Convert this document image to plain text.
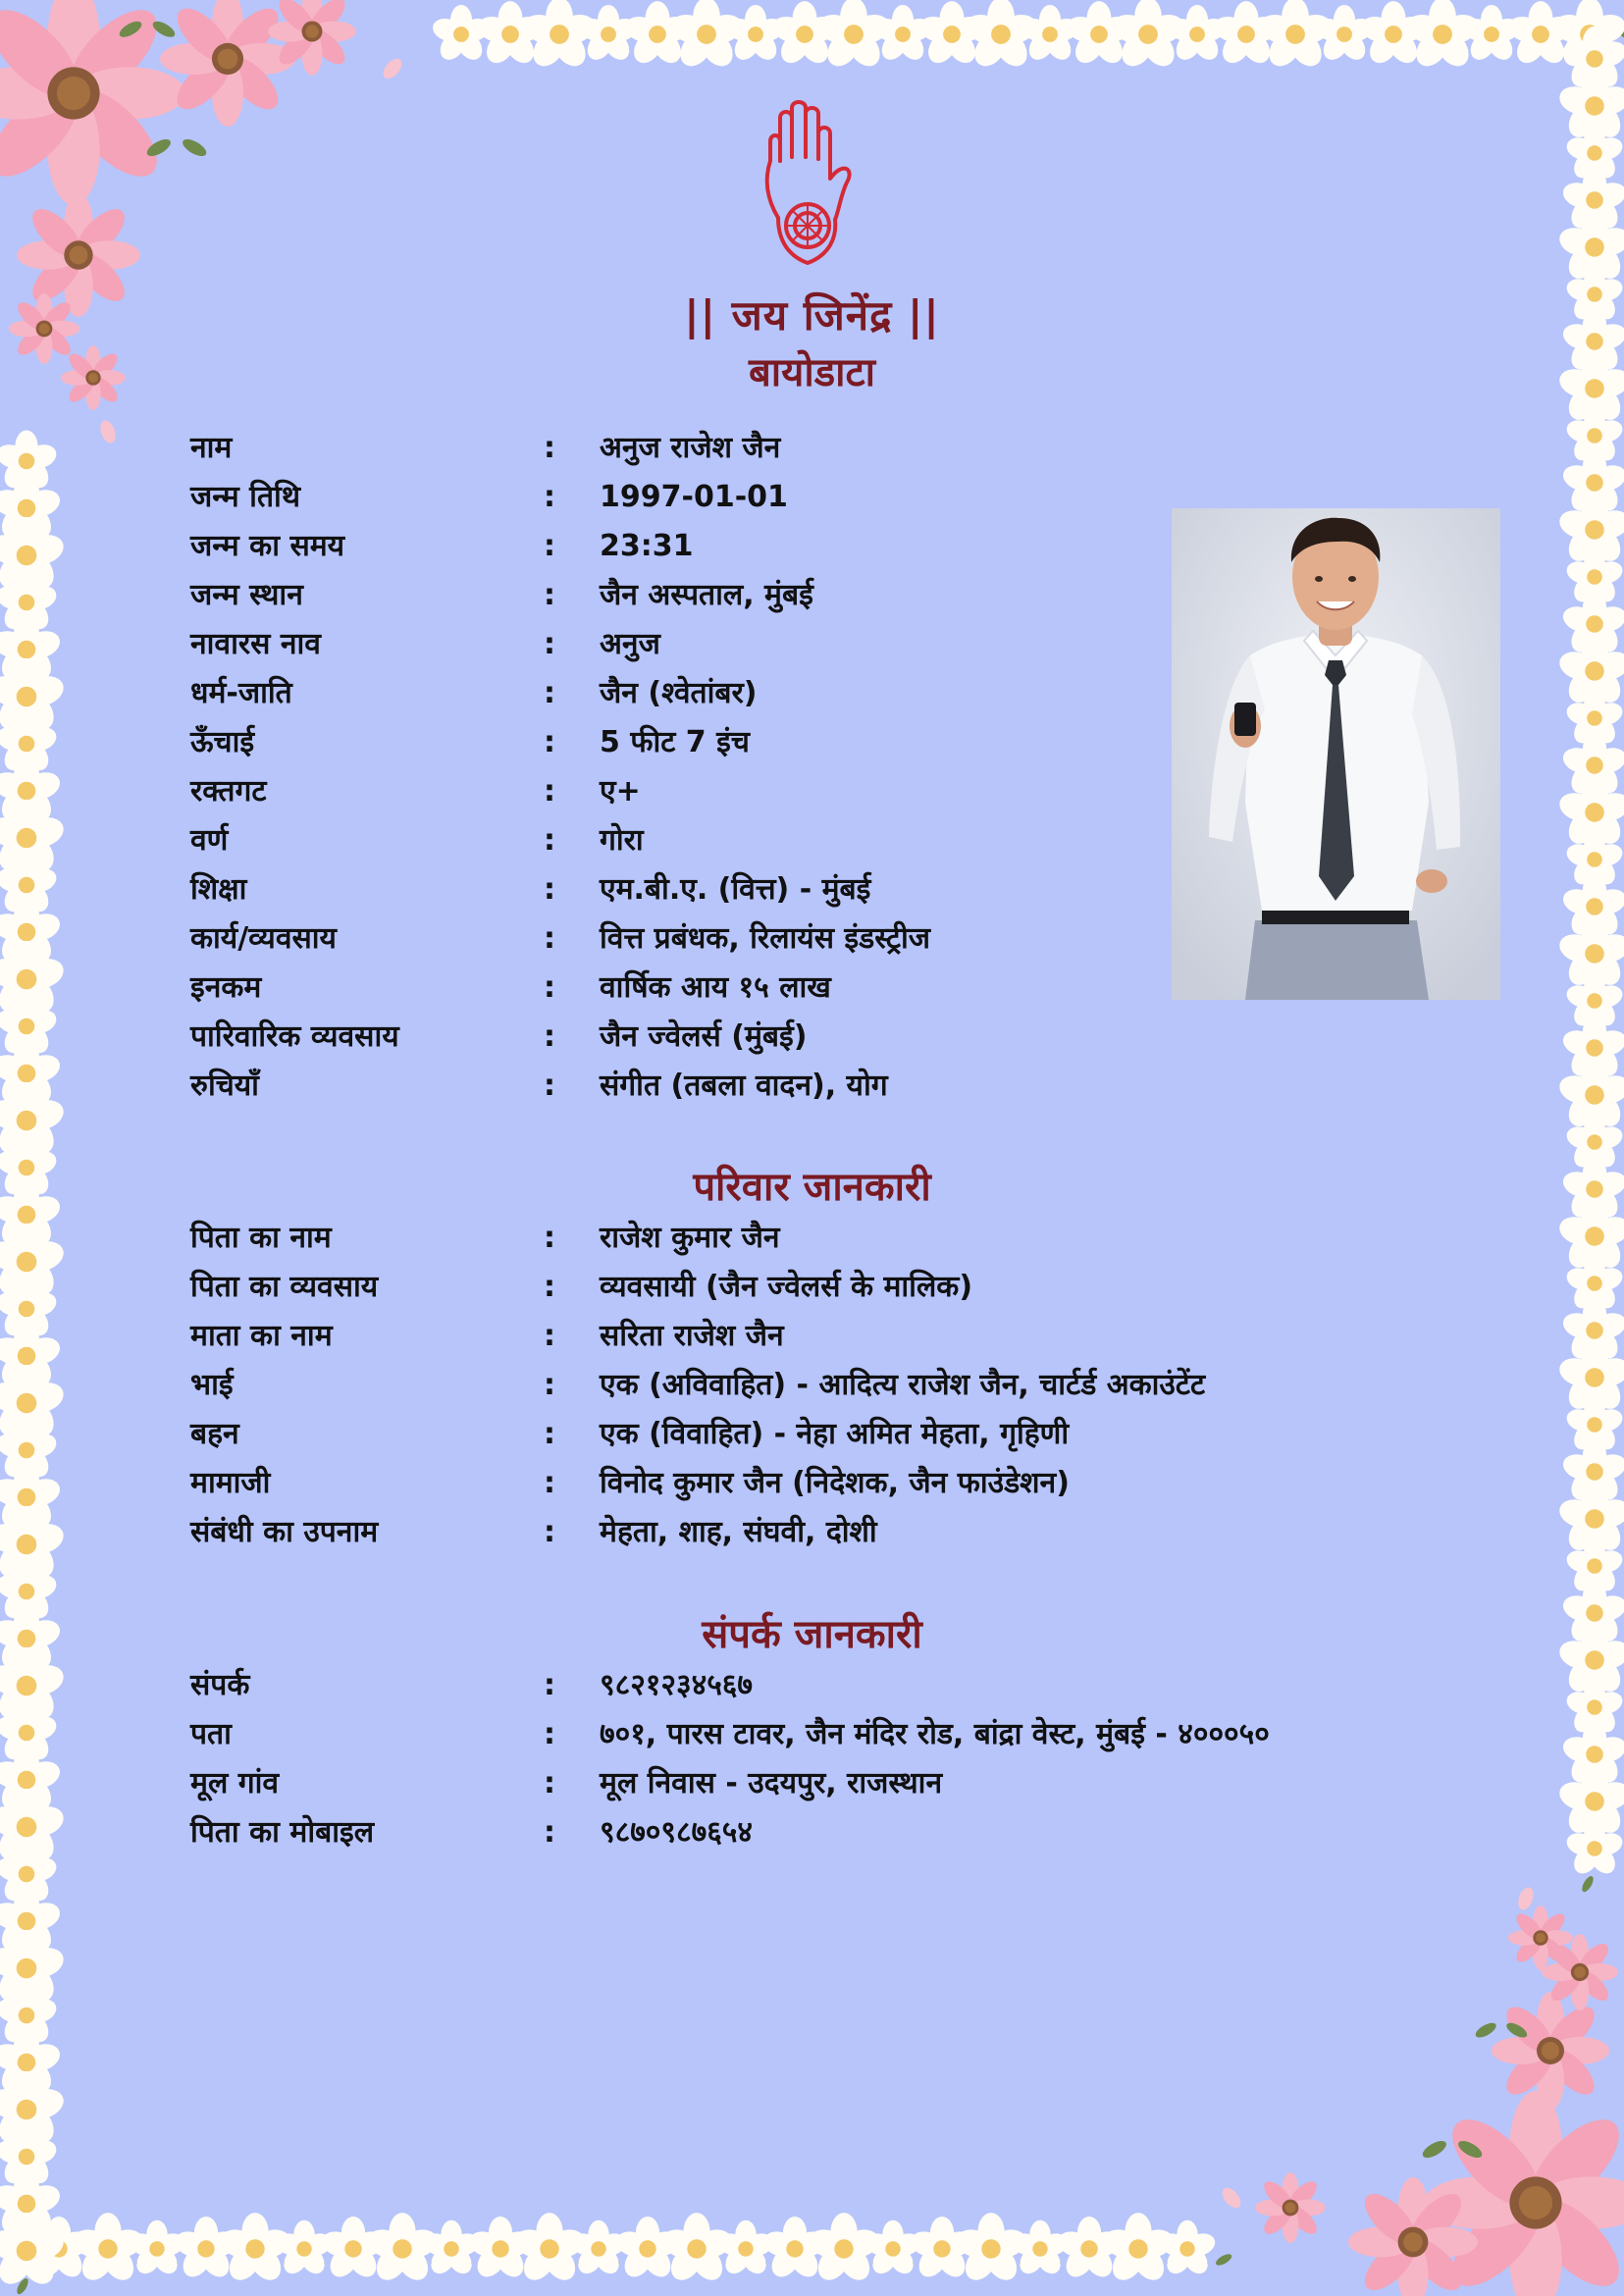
|| जय जिनेंद्र ||
बायोडाटा
नाम	: अनुज राजेश जैन
जन्म तिथि	: 1997-01-01
जन्म का समय	: 23:31
जन्म स्थान	: जैन अस्पताल, मुंबई
नावारस नाव	: अनुज
धर्म-जाति	: जैन (श्वेतांबर)
ऊँचाई	: 5 फीट 7 इंच
रक्तगट	: ए+
वर्ण	: गोरा
शिक्षा	: एम.बी.ए. (वित्त) - मुंबई
कार्य/व्यवसाय	: वित्त प्रबंधक, रिलायंस इंडस्ट्रीज
इनकम	: वार्षिक आय १५ लाख
पारिवारिक व्यवसाय	: जैन ज्वेलर्स (मुंबई)
रुचियाँ	: संगीत (तबला वादन), योग
परिवार जानकारी
पिता का नाम	: राजेश कुमार जैन
पिता का व्यवसाय	: व्यवसायी (जैन ज्वेलर्स के मालिक)
माता का नाम	: सरिता राजेश जैन
भाई	: एक (अविवाहित) - आदित्य राजेश जैन, चार्टर्ड अकाउंटेंट
बहन	: एक (विवाहित) - नेहा अमित मेहता, गृहिणी
मामाजी	: विनोद कुमार जैन (निदेशक, जैन फाउंडेशन)
संबंधी का उपनाम	: मेहता, शाह, संघवी, दोशी
संपर्क जानकारी
संपर्क	: ९८२१२३४५६७
पता	: ७०१, पारस टावर, जैन मंदिर रोड, बांद्रा वेस्ट, मुंबई - ४०००५०
मूल गांव	: मूल निवास - उदयपुर, राजस्थान
पिता का मोबाइल	: ९८७०९८७६५४
